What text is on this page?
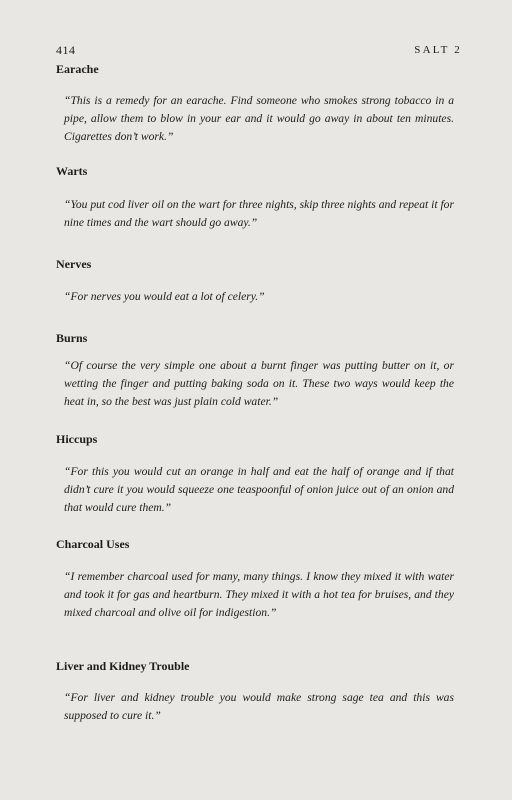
414	SALT 2
Earache

“This is a remedy for an earache. Find someone who smokes strong tobacco in a pipe, allow them to blow in your ear and it would go away in about ten minutes. Cigarettes don’t work.”

Warts

“You put cod liver oil on the wart for three nights, skip three nights and repeat it for nine times and the wart should go away.”

Nerves

“For nerves you would eat a lot of celery.”

Burns

“Of course the very simple one about a burnt finger was putting butter on it, or wetting the finger and putting baking soda on it. These two ways would keep the heat in, so the best was just plain cold water.”

Hiccups

“For this you would cut an orange in half and eat the half of orange and if that didn’t cure it you would squeeze one teaspoonful of onion juice out of an onion and that would cure them.”

Charcoal Uses

“I remember charcoal used for many, many things. I know they mixed it with water and took it for gas and heartburn. They mixed it with a hot tea for bruises, and they mixed charcoal and olive oil for indigestion.”

Liver and Kidney Trouble

“For liver and kidney trouble you would make strong sage tea and this was supposed to cure it.”
